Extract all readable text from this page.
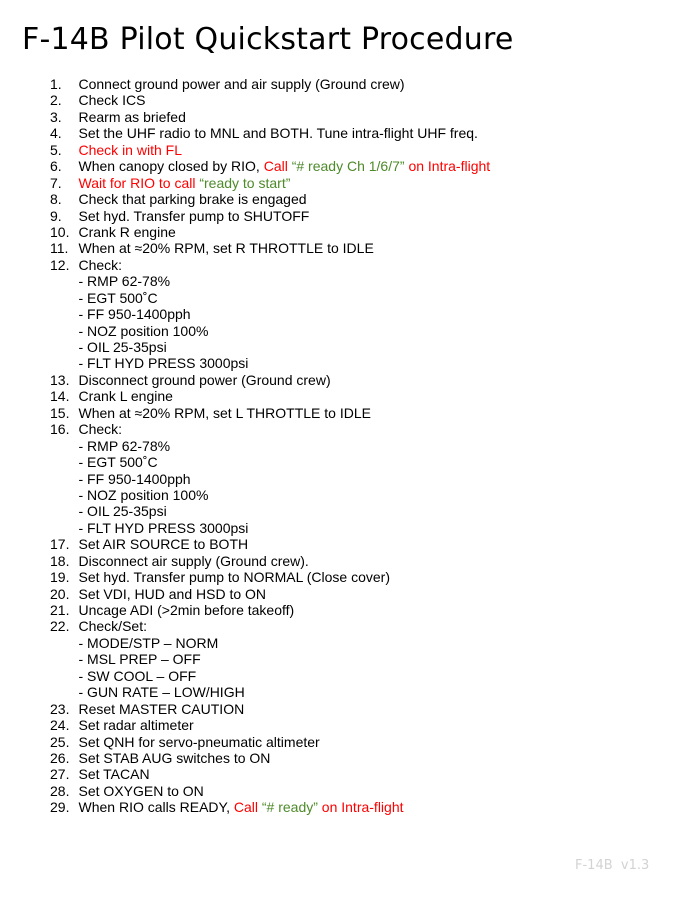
F-14B Pilot Quickstart Procedure
1. Connect ground power and air supply (Ground crew)
2. Check ICS
3. Rearm as briefed
4. Set the UHF radio to MNL and BOTH. Tune intra-flight UHF freq.
5. Check in with FL
6. When canopy closed by RIO, Call “# ready Ch 1/6/7” on Intra-flight
7. Wait for RIO to call “ready to start”
8. Check that parking brake is engaged
9. Set hyd. Transfer pump to SHUTOFF
10. Crank R engine
11. When at ≈20% RPM, set R THROTTLE to IDLE
12. Check:
- RMP 62-78%
- EGT 500˚C
- FF 950-1400pph
- NOZ position 100%
- OIL 25-35psi
- FLT HYD PRESS 3000psi
13. Disconnect ground power (Ground crew)
14. Crank L engine
15. When at ≈20% RPM, set L THROTTLE to IDLE
16. Check:
- RMP 62-78%
- EGT 500˚C
- FF 950-1400pph
- NOZ position 100%
- OIL 25-35psi
- FLT HYD PRESS 3000psi
17. Set AIR SOURCE to BOTH
18. Disconnect air supply (Ground crew).
19. Set hyd. Transfer pump to NORMAL (Close cover)
20. Set VDI, HUD and HSD to ON
21. Uncage ADI (>2min before takeoff)
22. Check/Set:
- MODE/STP – NORM
- MSL PREP – OFF
- SW COOL – OFF
- GUN RATE – LOW/HIGH
23. Reset MASTER CAUTION
24. Set radar altimeter
25. Set QNH for servo-pneumatic altimeter
26. Set STAB AUG switches to ON
27. Set TACAN
28. Set OXYGEN to ON
29. When RIO calls READY, Call “# ready” on Intra-flight
F-14B  v1.3
